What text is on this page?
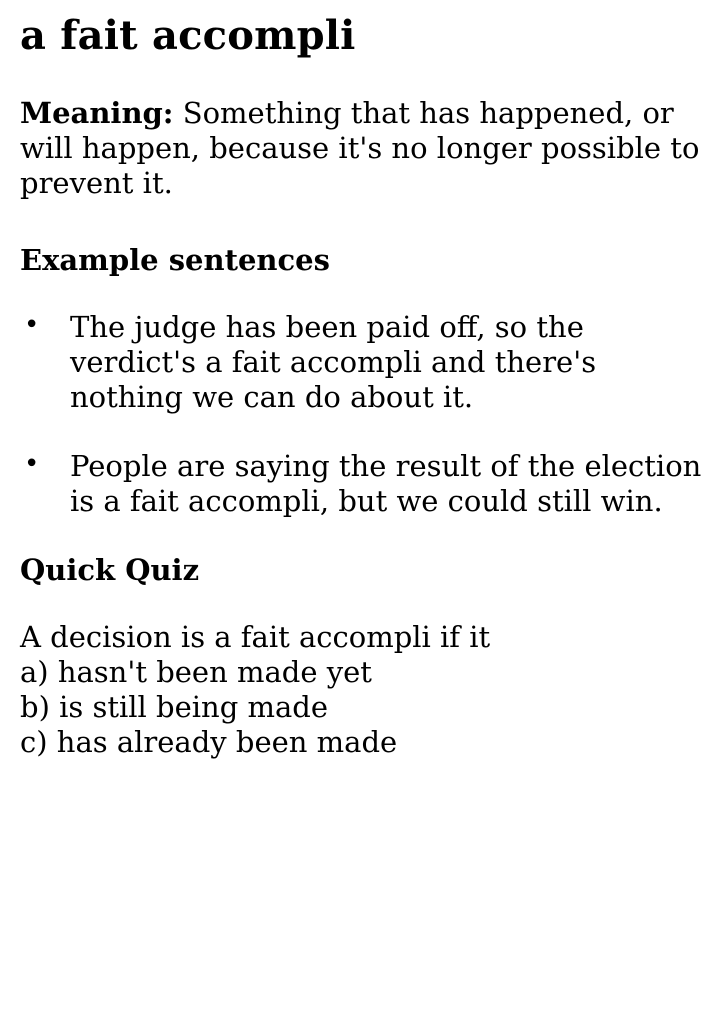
a fait accompli

Meaning: Something that has happened, or will happen, because it's no longer possible to prevent it.

Example sentences
• The judge has been paid off, so the verdict's a fait accompli and there's nothing we can do about it.
• People are saying the result of the election is a fait accompli, but we could still win.
Quick Quiz
A decision is a fait accompli if it
a) hasn't been made yet
b) is still being made
c) has already been made
